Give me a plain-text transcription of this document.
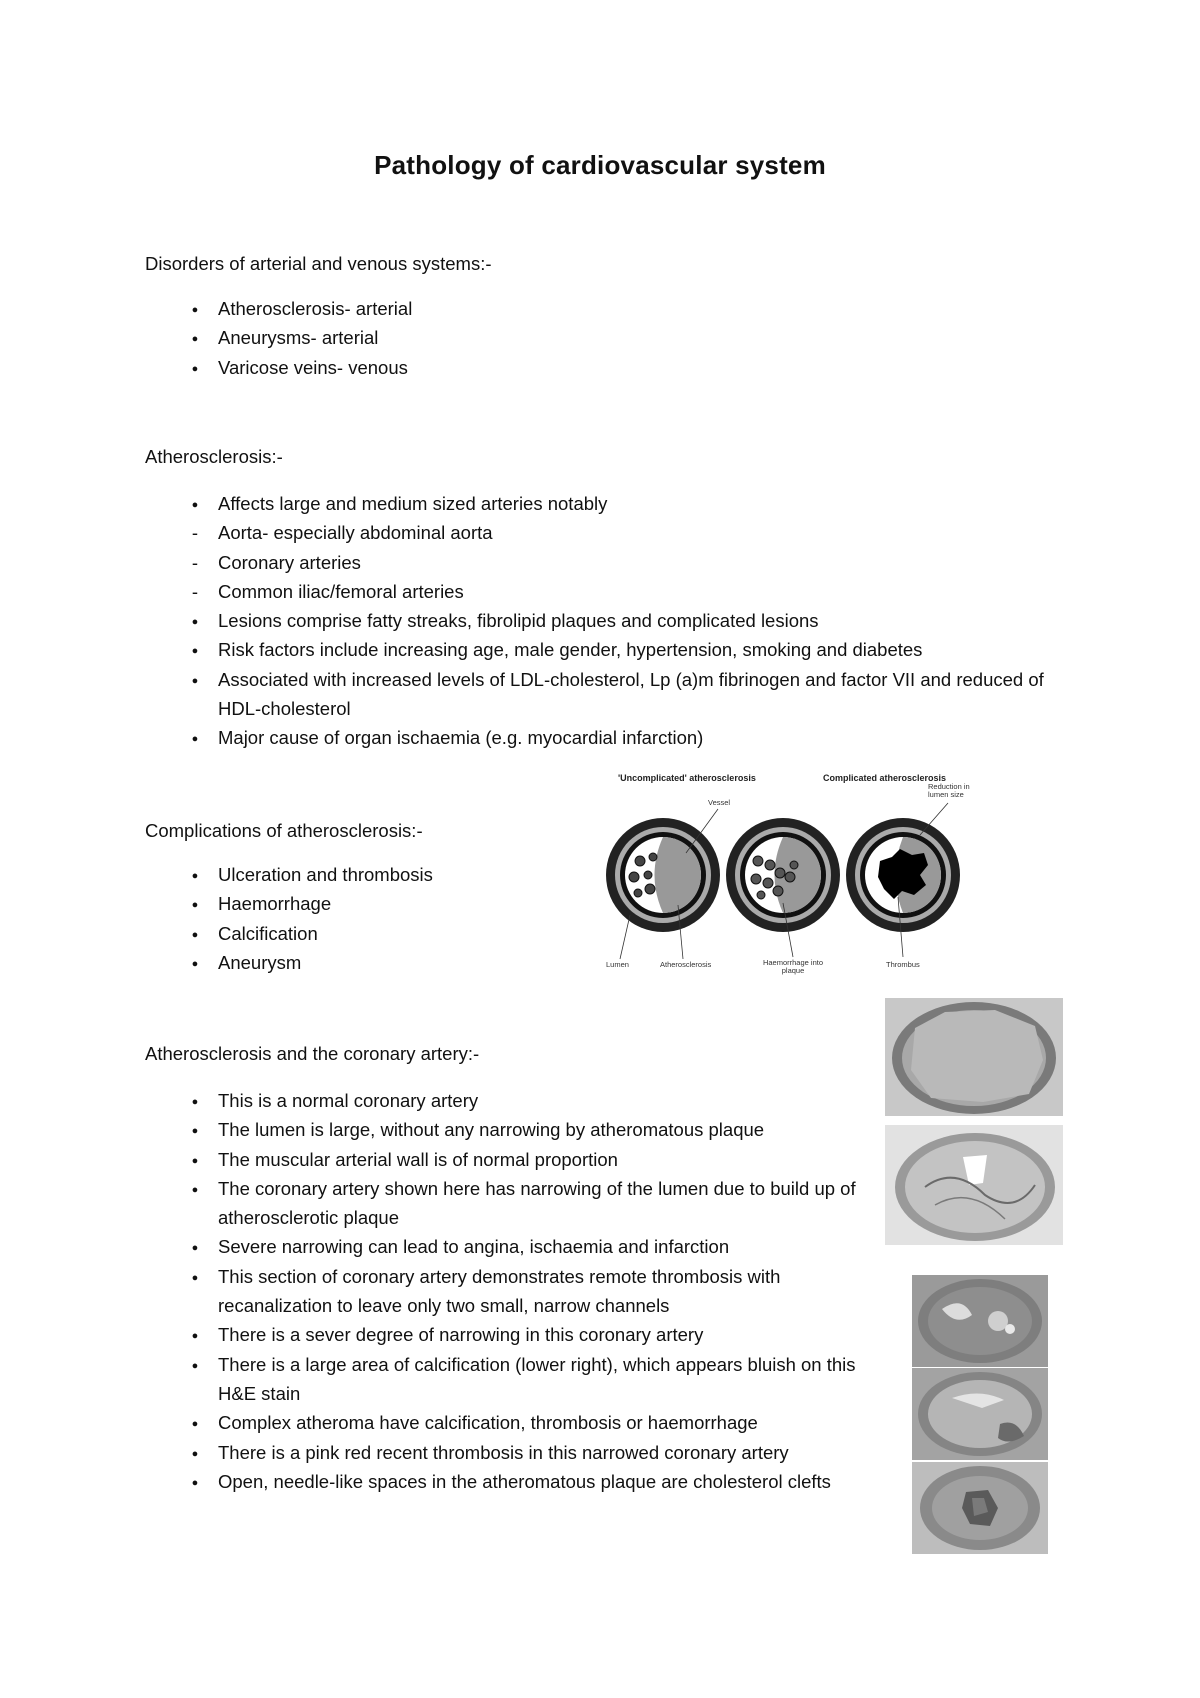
Pathology of cardiovascular system
Disorders of arterial and venous systems:-
●
Atherosclerosis- arterial
●
Aneurysms- arterial
●
Varicose veins- venous
Atherosclerosis:-
●
Affects large and medium sized arteries notably
-
Aorta- especially abdominal aorta
-
Coronary arteries
-
Common iliac/femoral arteries
●
Lesions comprise fatty streaks, fibrolipid plaques and complicated lesions
●
Risk factors include increasing age, male gender, hypertension, smoking and diabetes
●
Associated with increased levels of LDL-cholesterol, Lp (a)m fibrinogen and factor VII and reduced of HDL-cholesterol
●
Major cause of organ ischaemia (e.g. myocardial infarction)
Complications of atherosclerosis:-
●
Ulceration and thrombosis
●
Haemorrhage
●
Calcification
●
Aneurysm
Atherosclerosis and the coronary artery:-
●
This is a normal coronary artery
●
The lumen is large, without any narrowing by atheromatous plaque
●
The muscular arterial wall is of normal proportion
●
The coronary artery shown here has narrowing of the lumen due to build up of atherosclerotic plaque
●
Severe narrowing can lead to angina, ischaemia and infarction
●
This section of coronary artery demonstrates remote thrombosis with recanalization to leave only two small, narrow channels
●
There is a sever degree of narrowing in this coronary artery
●
There is a large area of calcification (lower right), which appears bluish on this H&E stain
●
Complex atheroma have calcification, thrombosis or haemorrhage
●
There is a pink red recent thrombosis in this narrowed coronary artery
●
Open, needle-like spaces in the atheromatous plaque are cholesterol clefts
'Uncomplicated' atherosclerosis	Complicated atherosclerosis
Vessel
Lumen	Atherosclerosis	Haemorrhage into plaque
Reduction in lumen size
Thrombus
